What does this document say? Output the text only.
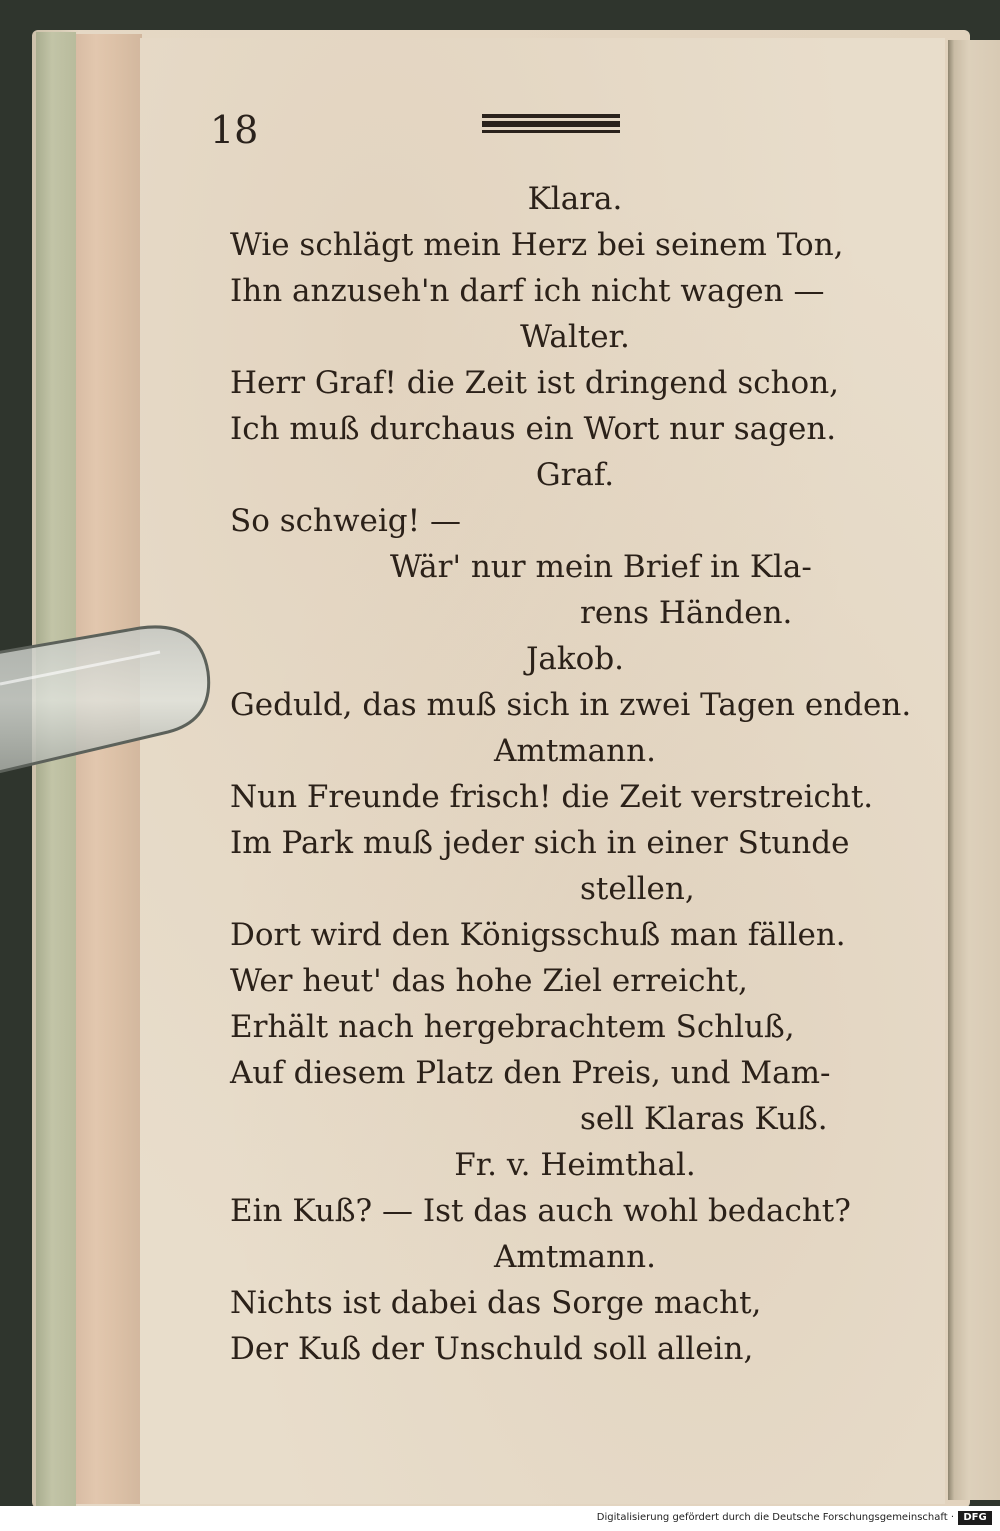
18

Klara.
Wie schlägt mein Herz bei seinem Ton,
Ihn anzuseh'n darf ich nicht wagen —
Walter.
Herr Graf! die Zeit ist dringend schon,
Ich muß durchaus ein Wort nur sagen.
Graf.
So schweig! —
Wär' nur mein Brief in Kla-
rens Händen.
Jakob.
Geduld, das muß sich in zwei Tagen enden.
Amtmann.
Nun Freunde frisch! die Zeit verstreicht.
Im Park muß jeder sich in einer Stunde
stellen,
Dort wird den Königsschuß man fällen.
Wer heut' das hohe Ziel erreicht,
Erhält nach hergebrachtem Schluß,
Auf diesem Platz den Preis, und Mam-
sell Klaras Kuß.
Fr. v. Heimthal.
Ein Kuß? — Ist das auch wohl bedacht?
Amtmann.
Nichts ist dabei das Sorge macht,
Der Kuß der Unschuld soll allein,
Digitalisierung gefördert durch die Deutsche Forschungsgemeinschaft · DFG
